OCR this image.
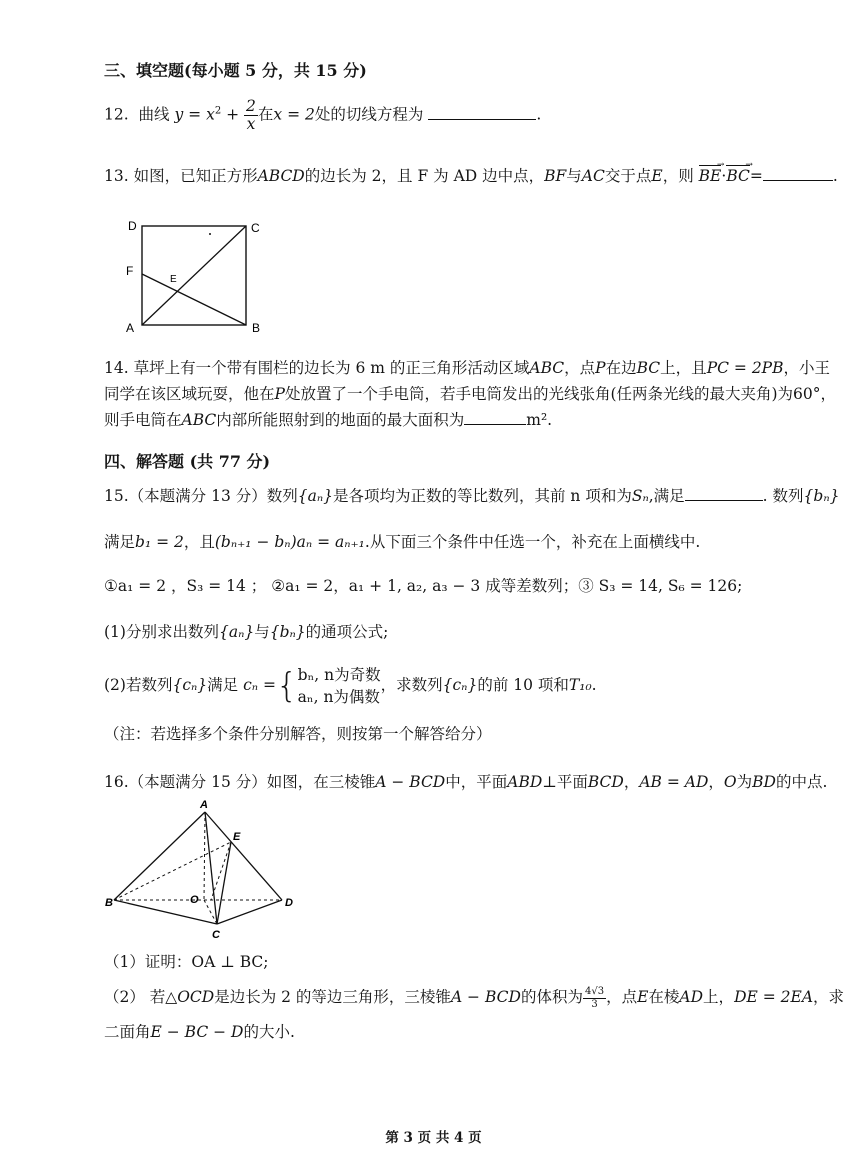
三、填空题(每小题 5 分，共 15 分)
12. 曲线 $y = x^2 + \frac{2}{x}$ 在x = 2处的切线方程为	.
13. 如图，已知正方形ABCD的边长为 2，且 F 为 AD 边中点，BF与AC交于点E，则 BE →·BC →=	.
D	C
F
E
A	B
14. 草坪上有一个带有围栏的边长为 6 m 的正三角形活动区域ABC，点P在边BC上，且PC = 2PB，小王
同学在该区域玩耍，他在P处放置了一个手电筒，若手电筒发出的光线张角(任两条光线的最大夹角)为60°，
则手电筒在ABC内部所能照射到的地面的最大面积为	m².
四、解答题 (共 77 分)
15.（本题满分 13 分）数列{aₙ}是各项均为正数的等比数列，其前 n 项和为Sₙ,满足	. 数列{bₙ}
满足b₁ = 2，且(bₙ₊₁ − bₙ)aₙ = aₙ₊₁.从下面三个条件中任选一个，补充在上面横线中.
①a₁ = 2 ，S₃ = 14 ； ②a₁ = 2，a₁ + 1, a₂, a₃ − 3 成等差数列；③ S₃ = 14, S₆ = 126;
(1)分别求出数列{aₙ}与{bₙ}的通项公式;
(2)若数列{cₙ}满足 cₙ ={ bₙ, n为奇数
aₙ, n为偶数
，求数列{cₙ}的前 10 项和T₁₀.
（注：若选择多个条件分别解答，则按第一个解答给分）
16.（本题满分 15 分）如图，在三棱锥A − BCD中，平面ABD⊥平面BCD，AB = AD，O为BD的中点.
A
E
B	O	D
C
（1）证明：OA ⊥ BC;
（2） 若△OCD是边长为 2 的等边三角形，三棱锥A − BCD的体积为 $\frac{4√3}{3}$ ，点E在棱AD上，DE = 2EA，求
二面角E − BC − D的大小.
第 3 页 共 4 页
